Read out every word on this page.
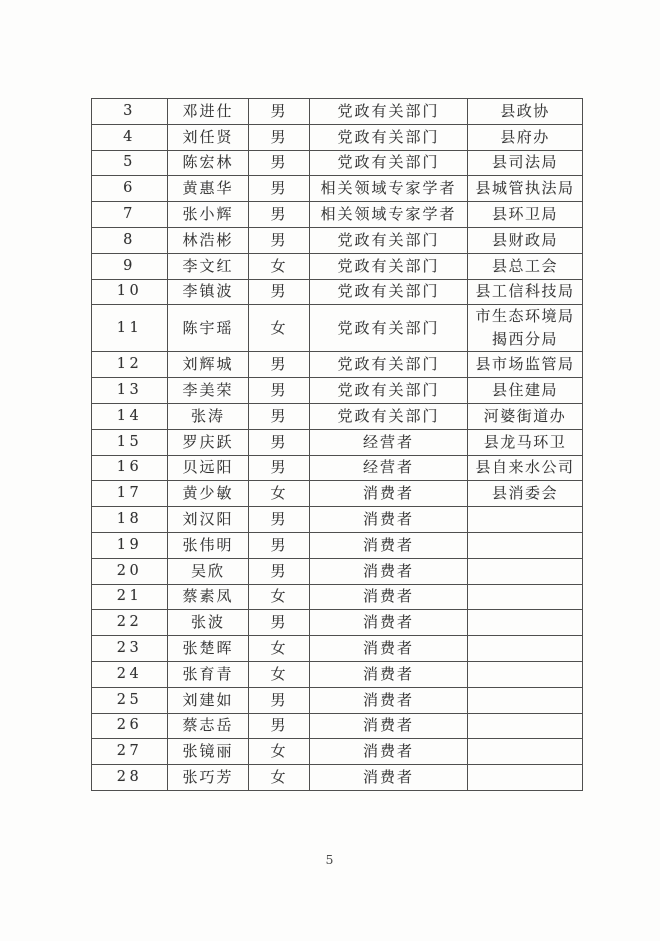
3	邓进仕	男	党政有关部门	县政协
4	刘任贤	男	党政有关部门	县府办
5	陈宏林	男	党政有关部门	县司法局
6	黄惠华	男	相关领域专家学者	县城管执法局
7	张小辉	男	相关领域专家学者	县环卫局
8	林浩彬	男	党政有关部门	县财政局
9	李文红	女	党政有关部门	县总工会
10	李镇波	男	党政有关部门	县工信科技局
11	陈宇瑶	女	党政有关部门	市生态环境局揭西分局
12	刘辉城	男	党政有关部门	县市场监管局
13	李美荣	男	党政有关部门	县住建局
14	张涛	男	党政有关部门	河婆街道办
15	罗庆跃	男	经营者	县龙马环卫
16	贝远阳	男	经营者	县自来水公司
17	黄少敏	女	消费者	县消委会
18	刘汉阳	男	消费者	
19	张伟明	男	消费者	
20	吴欣	男	消费者	
21	蔡素凤	女	消费者	
22	张波	男	消费者	
23	张楚晖	女	消费者	
24	张育青	女	消费者	
25	刘建如	男	消费者	
26	蔡志岳	男	消费者	
27	张镜丽	女	消费者	
28	张巧芳	女	消费者	
5
